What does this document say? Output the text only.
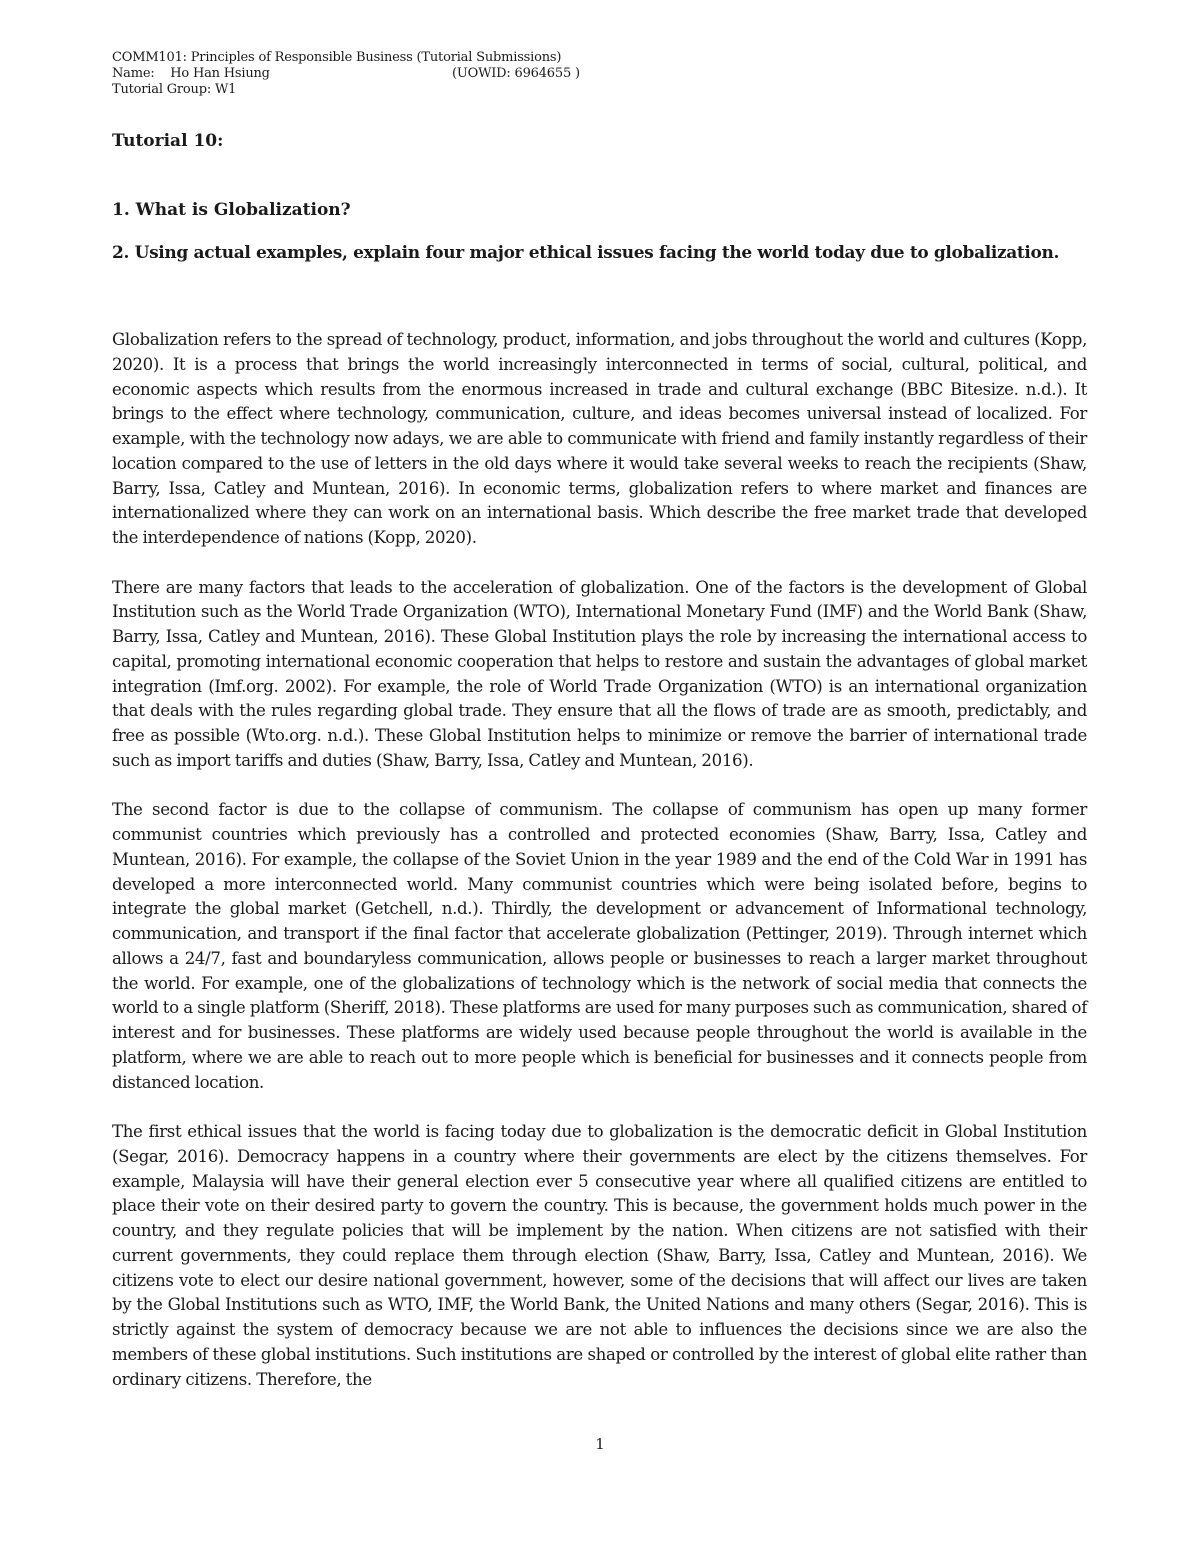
COMM101: Principles of Responsible Business (Tutorial Submissions)
Name: Ho Han Hsiung	(UOWID: 6964655 )
Tutorial Group: W1
Tutorial 10:
1. What is Globalization?
2. Using actual examples, explain four major ethical issues facing the world today due to globalization.

Globalization refers to the spread of technology, product, information, and jobs throughout the world and cultures (Kopp, 2020). It is a process that brings the world increasingly interconnected in terms of social, cultural, political, and economic aspects which results from the enormous increased in trade and cultural exchange (BBC Bitesize. n.d.). It brings to the effect where technology, communication, culture, and ideas becomes universal instead of localized. For example, with the technology now adays, we are able to communicate with friend and family instantly regardless of their location compared to the use of letters in the old days where it would take several weeks to reach the recipients (Shaw, Barry, Issa, Catley and Muntean, 2016). In economic terms, globalization refers to where market and finances are internationalized where they can work on an international basis. Which describe the free market trade that developed the interdependence of nations (Kopp, 2020).

There are many factors that leads to the acceleration of globalization. One of the factors is the development of Global Institution such as the World Trade Organization (WTO), International Monetary Fund (IMF) and the World Bank (Shaw, Barry, Issa, Catley and Muntean, 2016). These Global Institution plays the role by increasing the international access to capital, promoting international economic cooperation that helps to restore and sustain the advantages of global market integration (Imf.org. 2002). For example, the role of World Trade Organization (WTO) is an international organization that deals with the rules regarding global trade. They ensure that all the flows of trade are as smooth, predictably, and free as possible (Wto.org. n.d.). These Global Institution helps to minimize or remove the barrier of international trade such as import tariffs and duties (Shaw, Barry, Issa, Catley and Muntean, 2016).

The second factor is due to the collapse of communism. The collapse of communism has open up many former communist countries which previously has a controlled and protected economies (Shaw, Barry, Issa, Catley and Muntean, 2016). For example, the collapse of the Soviet Union in the year 1989 and the end of the Cold War in 1991 has developed a more interconnected world. Many communist countries which were being isolated before, begins to integrate the global market (Getchell, n.d.). Thirdly, the development or advancement of Informational technology, communication, and transport if the final factor that accelerate globalization (Pettinger, 2019). Through internet which allows a 24/7, fast and boundaryless communication, allows people or businesses to reach a larger market throughout the world. For example, one of the globalizations of technology which is the network of social media that connects the world to a single platform (Sheriff, 2018). These platforms are used for many purposes such as communication, shared of interest and for businesses. These platforms are widely used because people throughout the world is available in the platform, where we are able to reach out to more people which is beneficial for businesses and it connects people from distanced location.

The first ethical issues that the world is facing today due to globalization is the democratic deficit in Global Institution (Segar, 2016). Democracy happens in a country where their governments are elect by the citizens themselves. For example, Malaysia will have their general election ever 5 consecutive year where all qualified citizens are entitled to place their vote on their desired party to govern the country. This is because, the government holds much power in the country, and they regulate policies that will be implement by the nation. When citizens are not satisfied with their current governments, they could replace them through election (Shaw, Barry, Issa, Catley and Muntean, 2016). We citizens vote to elect our desire national government, however, some of the decisions that will affect our lives are taken by the Global Institutions such as WTO, IMF, the World Bank, the United Nations and many others (Segar, 2016). This is strictly against the system of democracy because we are not able to influences the decisions since we are also the members of these global institutions. Such institutions are shaped or controlled by the interest of global elite rather than ordinary citizens. Therefore, the

1
